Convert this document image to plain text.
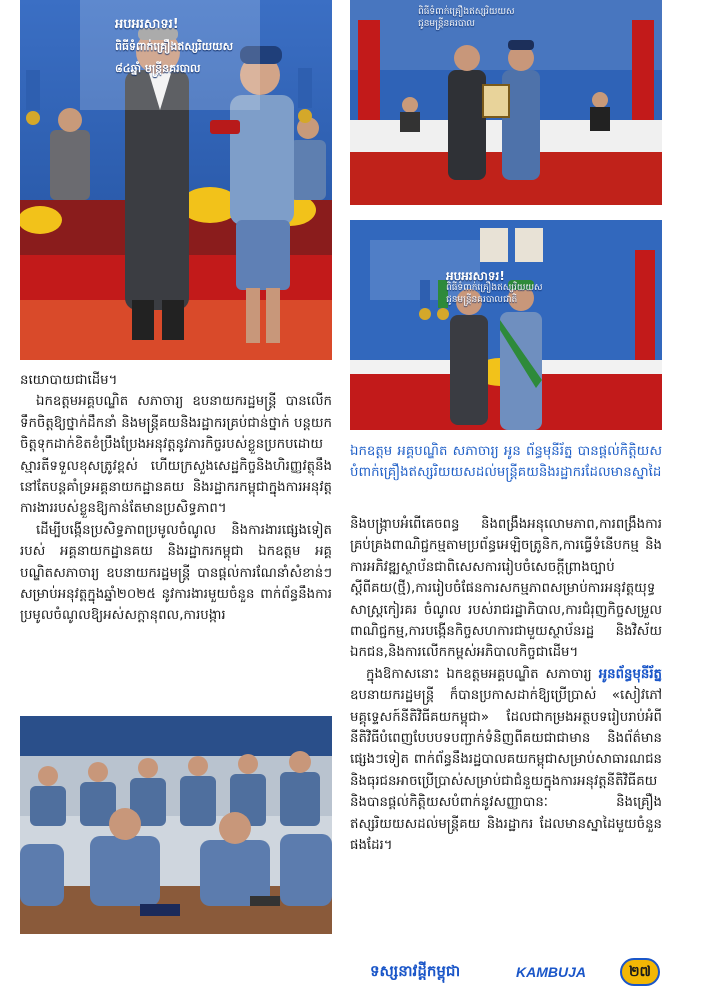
អបអរសាទរ!
ពិធីទំពាក់គ្រឿងឥស្សរិយយស
៨៤ឆ្នាំ មន្ត្រីនគរបាល
ពិធីទំពាក់គ្រឿងឥស្សរិយយស
ជូនមន្ត្រីនគរបាល
អបអរសាទរ!
ពិធីទំពាក់គ្រឿងឥស្សរិយយស
ជូនមន្ត្រីនគរបាលជាតិ
ឯកឧត្តម អគ្គបណ្ឌិត សភាចារ្យ អូន ព័ន្ធមុនីរ័ត្ន បានផ្តល់កិត្តិយសបំពាក់គ្រឿងឥស្សរិយយសដល់មន្ត្រីគយនិងរដ្ឋាករដែលមានស្នាដៃ

នយោបាយជាដើម។

ឯកឧត្តមអគ្គបណ្ឌិត សភាចារ្យ ឧបនាយករដ្ឋមន្ត្រី បានលើកទឹកចិត្តឱ្យថ្នាក់ដឹកនាំ និងមន្ត្រីគយនិងរដ្ឋាករគ្រប់ជាន់ថ្នាក់ បន្តយកចិត្តទុកដាក់ខិតខំប្រឹងប្រែងអនុវត្តនូវភារកិច្ចរបស់ខ្លួនប្រកបដោយស្មារតីទទួលខុសត្រូវខ្ពស់ ហើយក្រសួងសេដ្ឋកិច្ចនិងហិរញ្ញវត្ថុនឹងនៅតែបន្តគាំទ្រអគ្គនាយកដ្ឋានគយ និងរដ្ឋាករកម្ពុជាក្នុងការអនុវត្តការងាររបស់ខ្លួនឱ្យកាន់តែមានប្រសិទ្ធភាព។

ដើម្បីបង្កើនប្រសិទ្ធភាពប្រមូលចំណូល និងការងារផ្សេងទៀតរបស់ អគ្គនាយកដ្ឋានគយ និងរដ្ឋាករកម្ពុជា ឯកឧត្តម អគ្គបណ្ឌិតសភាចារ្យ ឧបនាយករដ្ឋមន្ត្រី បានផ្តល់ការណែនាំសំខាន់ៗ សម្រាប់អនុវត្តក្នុងឆ្នាំ២០២៥ នូវការងារមួយចំនួន ពាក់ព័ន្ធនឹងការប្រមូលចំណូលឱ្យអស់សក្តានុពល,ការបង្ការ

និងបង្ក្រាបអំពើគេចពន្ធ និងពង្រឹងអនុលោមភាព,ការពង្រឹងការគ្រប់គ្រងពាណិជ្ជកម្មតាមប្រព័ន្ធអេឡិចត្រូនិក,ការធ្វើទំនើបកម្ម និងការអភិវឌ្ឍស្ថាប័នជាពិសេសការរៀបចំសេចក្តីព្រាងច្បាប់ស្តីពីគយ(ថ្មី),ការរៀបចំផែនការសកម្មភាពសម្រាប់ការអនុវត្តយុទ្ធសាស្ត្រកៀរគរ ចំណូល របស់រាជរដ្ឋាភិបាល,ការជំរុញកិច្ចសម្រួល ពាណិជ្ជកម្ម,ការបង្កើនកិច្ចសហការជាមួយស្ថាប័នរដ្ឋ និងវិស័យឯកជន,និងការលើកកម្ពស់អភិបាលកិច្ចជាដើម។

ក្នុងឱកាសនោះ ឯកឧត្តមអគ្គបណ្ឌិត សភាចារ្យ អូនព័ន្ធមុនីរ័ត្ន ឧបនាយករដ្ឋមន្ត្រី ក៏បានប្រកាសដាក់ឱ្យប្រើប្រាស់ «សៀវភៅមគ្គុទ្ទេសក៍នីតិវិធីគយកម្ពុជា» ដែលជាកម្រងអត្ថបទរៀបរាប់អំពីនីតិវិធីបំពេញបែបបទបញ្ជាក់ទំនិញពីគយជាជាមាន និងព័ត៌មានផ្សេងៗទៀត ពាក់ព័ន្ធនឹងរដ្ឋបាលគយកម្ពុជាសម្រាប់សាធារណជន និងធុរជនអាចប្រើប្រាស់សម្រាប់ជាជំនួយក្នុងការអនុវត្តនីតិវិធីគយ និងបានផ្តល់កិត្តិយសបំពាក់នូវសញ្ញាបានៈ និងគ្រឿងឥស្សរិយយសដល់មន្ត្រីគយ និងរដ្ឋាករ ដែលមានស្នាដៃមួយចំនួនផងដែរ។

ទស្សនាវដ្តីកម្ពុជា	KAMBUJA	២៧
